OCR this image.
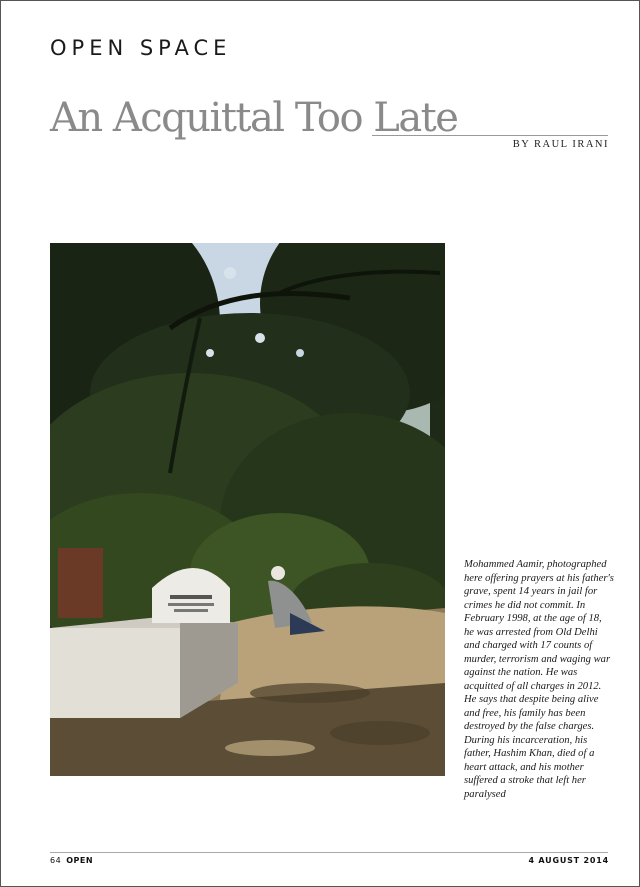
OPEN SPACE
An Acquittal Too Late
BY RAUL IRANI

Mohammed Aamir, photographed here offering prayers at his father's grave, spent 14 years in jail for crimes he did not commit. In February 1998, at the age of 18, he was arrested from Old Delhi and charged with 17 counts of murder, terrorism and waging war against the nation. He was acquitted of all charges in 2012. He says that despite being alive and free, his family has been destroyed by the false charges. During his incarceration, his father, Hashim Khan, died of a heart attack, and his mother suffered a stroke that left her paralysed

64 OPEN	4 AUGUST 2014
